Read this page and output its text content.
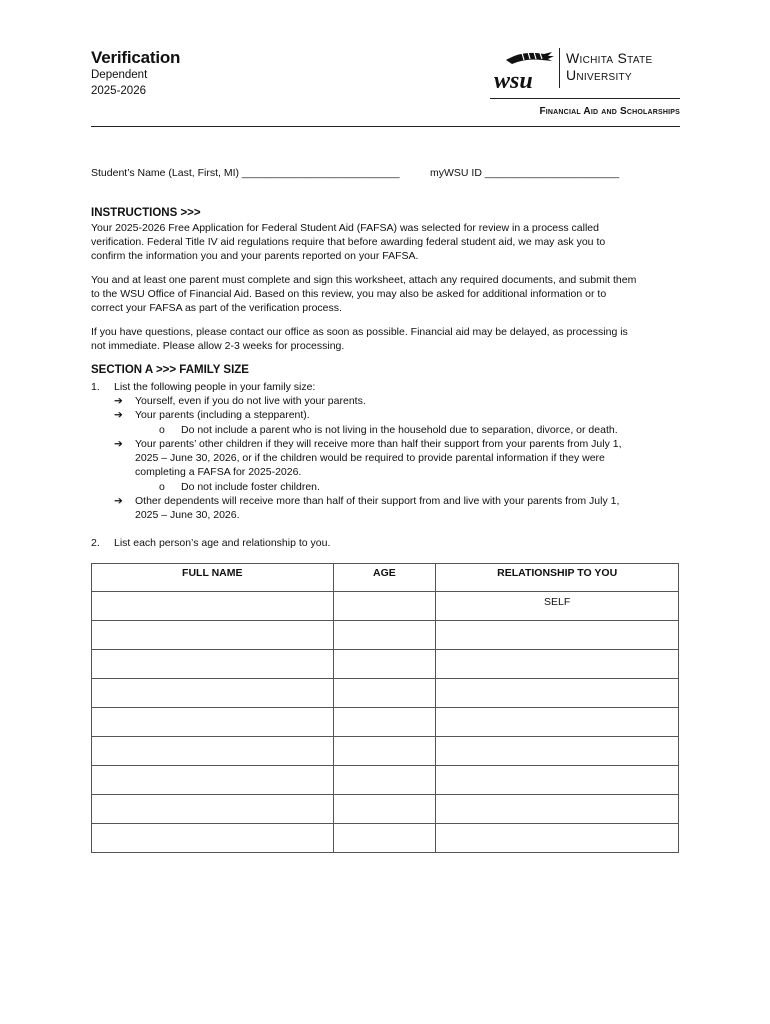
Verification
Dependent
2025-2026	wsu
Wichita State
University
Financial Aid and Scholarships
Student’s Name (Last, First, MI) ___________________________	myWSU ID _______________________
INSTRUCTIONS >>>
Your 2025-2026 Free Application for Federal Student Aid (FAFSA) was selected for review in a process called
verification. Federal Title IV aid regulations require that before awarding federal student aid, we may ask you to
confirm the information you and your parents reported on your FAFSA.
You and at least one parent must complete and sign this worksheet, attach any required documents, and submit them
to the WSU Office of Financial Aid. Based on this review, you may also be asked for additional information or to
correct your FAFSA as part of the verification process.
If you have questions, please contact our office as soon as possible. Financial aid may be delayed, as processing is
not immediate. Please allow 2-3 weeks for processing.
SECTION A >>> FAMILY SIZE
1. List the following people in your family size:
➔ Yourself, even if you do not live with your parents.
➔ Your parents (including a stepparent).
o Do not include a parent who is not living in the household due to separation, divorce, or death.
➔ Your parents’ other children if they will receive more than half their support from your parents from July 1,
2025 – June 30, 2026, or if the children would be required to provide parental information if they were
completing a FAFSA for 2025-2026.
o Do not include foster children.
➔ Other dependents will receive more than half of their support from and live with your parents from July 1,
2025 – June 30, 2026.
2. List each person’s age and relationship to you.
FULL NAME	AGE	RELATIONSHIP TO YOU
		SELF
